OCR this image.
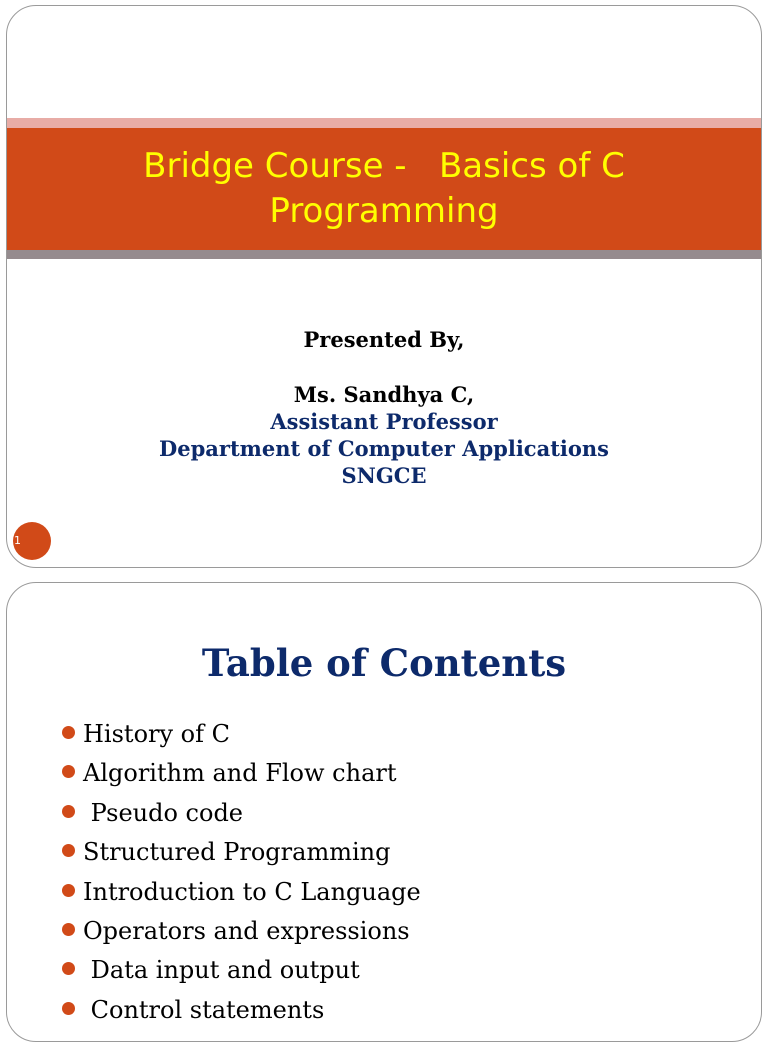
Bridge Course -   Basics of C Programming
Presented By,
Ms. Sandhya C,
Assistant Professor
Department of Computer Applications
SNGCE
1
Table of Contents
History of C
Algorithm and Flow chart
Pseudo code
Structured Programming
Introduction to C Language
Operators and expressions
Data input and output
Control statements
